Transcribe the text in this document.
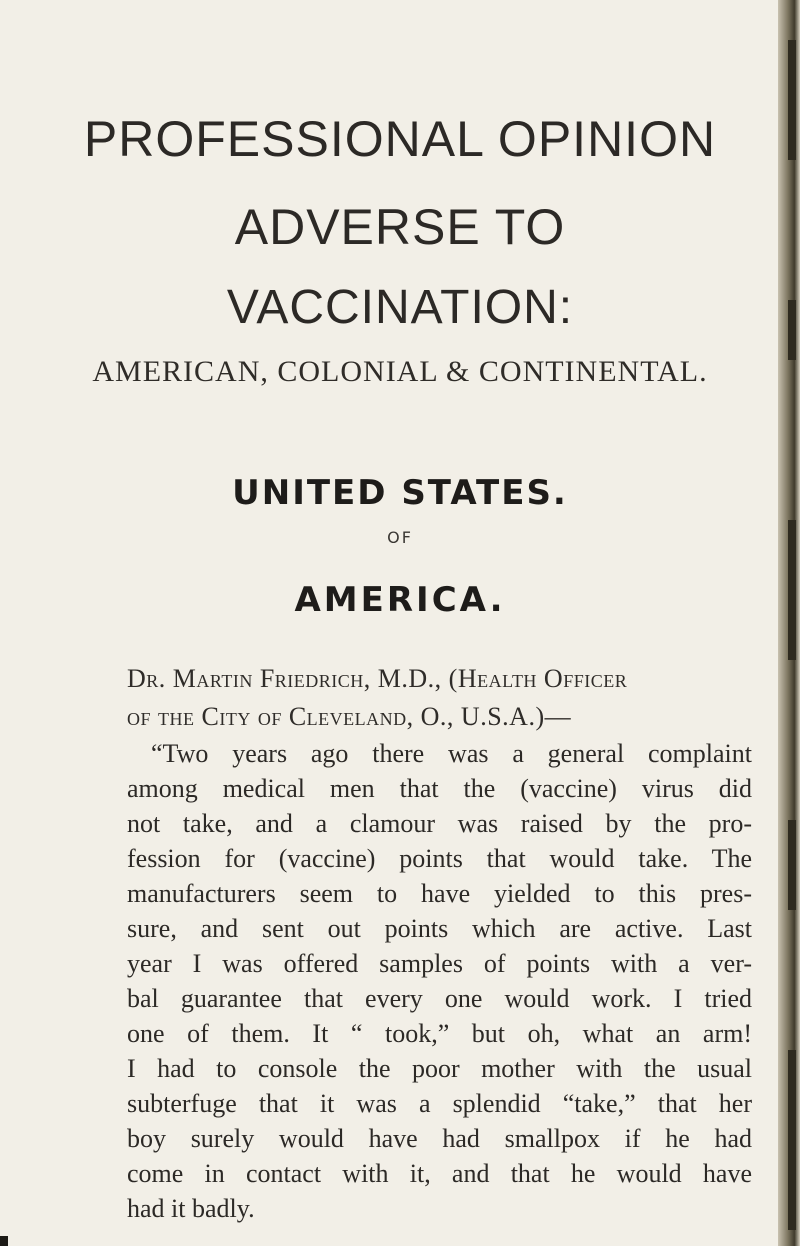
PROFESSIONAL OPINION
ADVERSE TO
VACCINATION:
AMERICAN, COLONIAL & CONTINENTAL.
UNITED STATES.
OF
AMERICA.
Dr. Martin Friedrich, M.D., (Health Officer
of the City of Cleveland, O., U.S.A.)—
“Two years ago there was a general complaint
among medical men that the (vaccine) virus did
not take, and a clamour was raised by the pro-
fession for (vaccine) points that would take. The
manufacturers seem to have yielded to this pres-
sure, and sent out points which are active. Last
year I was offered samples of points with a ver-
bal guarantee that every one would work. I tried
one of them. It “ took,” but oh, what an arm!
I had to console the poor mother with the usual
subterfuge that it was a splendid “take,” that her
boy surely would have had smallpox if he had
come in contact with it, and that he would have
had it badly.
